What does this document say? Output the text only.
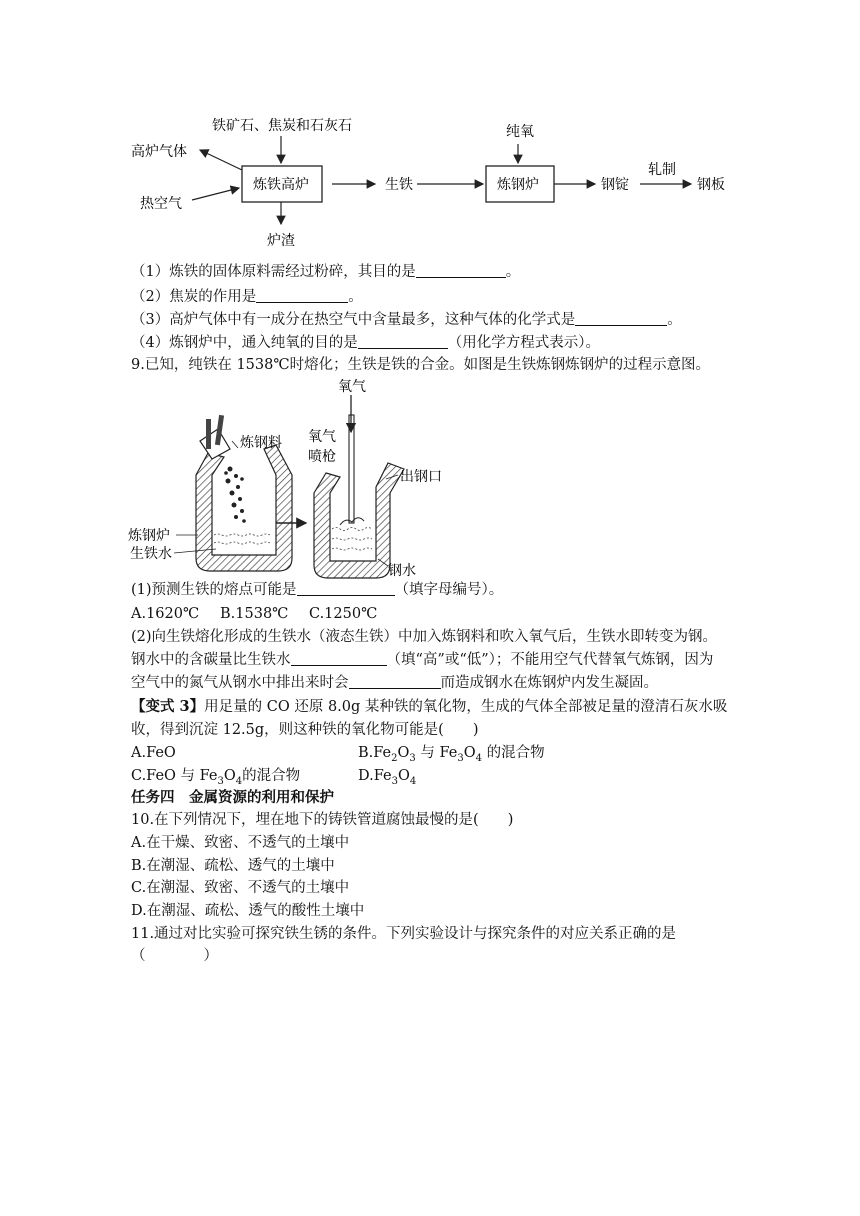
铁矿石、焦炭和石灰石
高炉气体
热空气
炼铁高炉
炉渣
生铁
纯氧
炼钢炉	钢锭
轧制
钢板
（1）炼铁的固体原料需经过粉碎，其目的是	。
（2）焦炭的作用是	。
（3）高炉气体中有一成分在热空气中含量最多，这种气体的化学式是	。
（4）炼钢炉中，通入纯氧的目的是	（用化学方程式表示）。
9.已知，纯铁在 1538℃时熔化；生铁是铁的合金。如图是生铁炼钢炼钢炉的过程示意图。
氧气
炼钢料 氧气
喷枪
出钢口
炼钢炉
生铁水
钢水
(1)预测生铁的熔点可能是	（填字母编号）。
A.1620℃ B.1538℃ C.1250℃
(2)向生铁熔化形成的生铁水（液态生铁）中加入炼钢料和吹入氧气后，生铁水即转变为钢。
钢水中的含碳量比生铁水	（填“高”或“低”）；不能用空气代替氧气炼钢，因为
空气中的氮气从钢水中排出来时会	而造成钢水在炼钢炉内发生凝固。
【变式 3】用足量的 CO 还原 8.0g 某种铁的氧化物，生成的气体全部被足量的澄清石灰水吸
收，得到沉淀 12.5g，则这种铁的氧化物可能是(　　)
A.FeO	$B.Fe_2O_3$ 与 $Fe_3O_4$ 的混合物
C.FeO 与 $Fe_3O_4$的混合物	$D.Fe_3O_4$
任务四　金属资源的利用和保护
10.在下列情况下，埋在地下的铸铁管道腐蚀最慢的是(　　)
A.在干燥、致密、不透气的土壤中
B.在潮湿、疏松、透气的土壤中
C.在潮湿、致密、不透气的土壤中
D.在潮湿、疏松、透气的酸性土壤中
11.通过对比实验可探究铁生锈的条件。下列实验设计与探究条件的对应关系正确的是
（　　　　）
